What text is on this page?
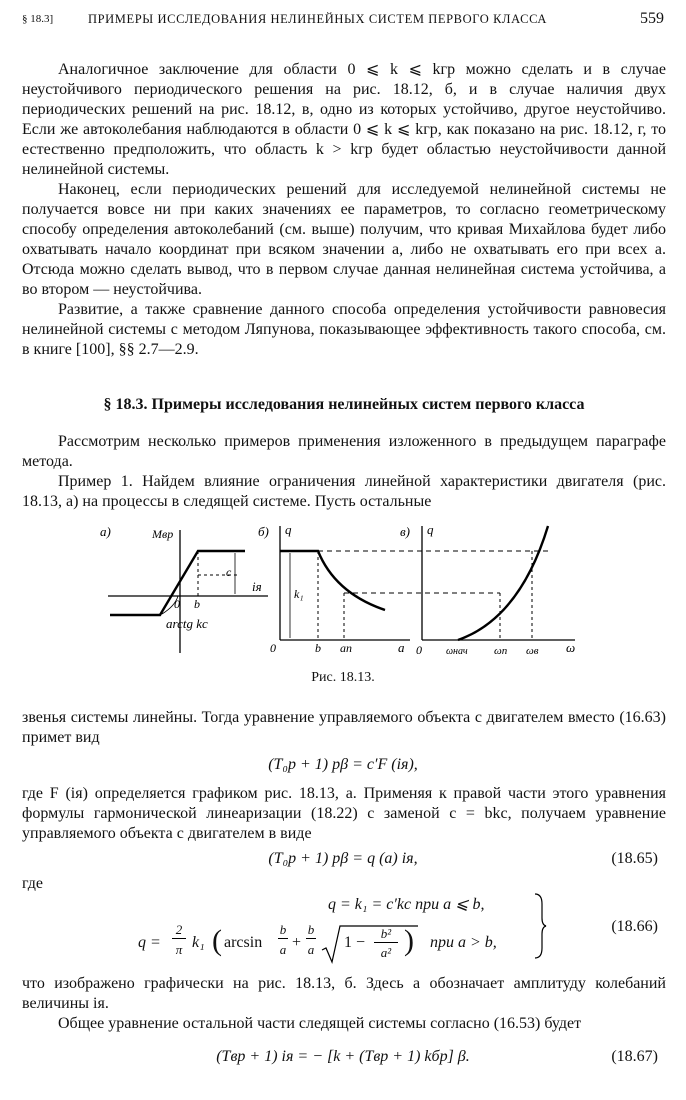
§ 18.3]	ПРИМЕРЫ ИССЛЕДОВАНИЯ НЕЛИНЕЙНЫХ СИСТЕМ ПЕРВОГО КЛАССА	559

Аналогичное заключение для области 0 ⩽ k ⩽ kгр можно сделать и в случае неустойчивого периодического решения на рис. 18.12, б, и в случае наличия двух периодических решений на рис. 18.12, в, одно из которых устойчиво, другое неустойчиво. Если же автоколебания наблюдаются в области 0 ⩽ k ⩽ kгр, как показано на рис. 18.12, г, то естественно предположить, что область k > kгр будет областью неустойчивости данной нелинейной системы.

Наконец, если периодических решений для исследуемой нелинейной системы не получается вовсе ни при каких значениях ее параметров, то согласно геометрическому способу определения автоколебаний (см. выше) получим, что кривая Михайлова будет либо охватывать начало координат при всяком значении a, либо не охватывать его при всех a. Отсюда можно сделать вывод, что в первом случае данная нелинейная система устойчива, а во втором — неустойчива.

Развитие, а также сравнение данного способа определения устойчивости равновесия нелинейной системы с методом Ляпунова, показывающее эффективность такого способа, см. в книге [100], §§ 2.7—2.9.

§ 18.3. Примеры исследования нелинейных систем первого класса

Рассмотрим несколько примеров применения изложенного в предыдущем параграфе метода.

Пример 1. Найдем влияние ограничения линейной характеристики двигателя (рис. 18.13, а) на процессы в следящей системе. Пусть остальные

а)	Mвр
iя
c
0 b
arctg kc
б) q
a
k₁
0	b aп
в) q
ω
0 ωнач ωп ωв
Рис. 18.13.

звенья системы линейны. Тогда уравнение управляемого объекта с двигателем вместо (16.63) примет вид

(T₀p + 1) pβ = c′F (iя),

где F (iя) определяется графиком рис. 18.13, а. Применяя к правой части этого уравнения формулы гармонической линеаризации (18.22) с заменой c = bkc, получаем уравнение управляемого объекта с двигателем в виде

(T₀p + 1) pβ = q (a) iя,	(18.65)

где

q = k₁ = c′kc при a ⩽ b,
q =
2
π k₁ ( arcsin
b
a +
b
a 1 −
b²
a² ) при a > b,
(18.66)

что изображено графически на рис. 18.13, б. Здесь a обозначает амплитуду колебаний величины iя.

Общее уравнение остальной части следящей системы согласно (16.53) будет

(Tвp + 1) iя = − [k + (Tвp + 1) kбp] β.	(18.67)
